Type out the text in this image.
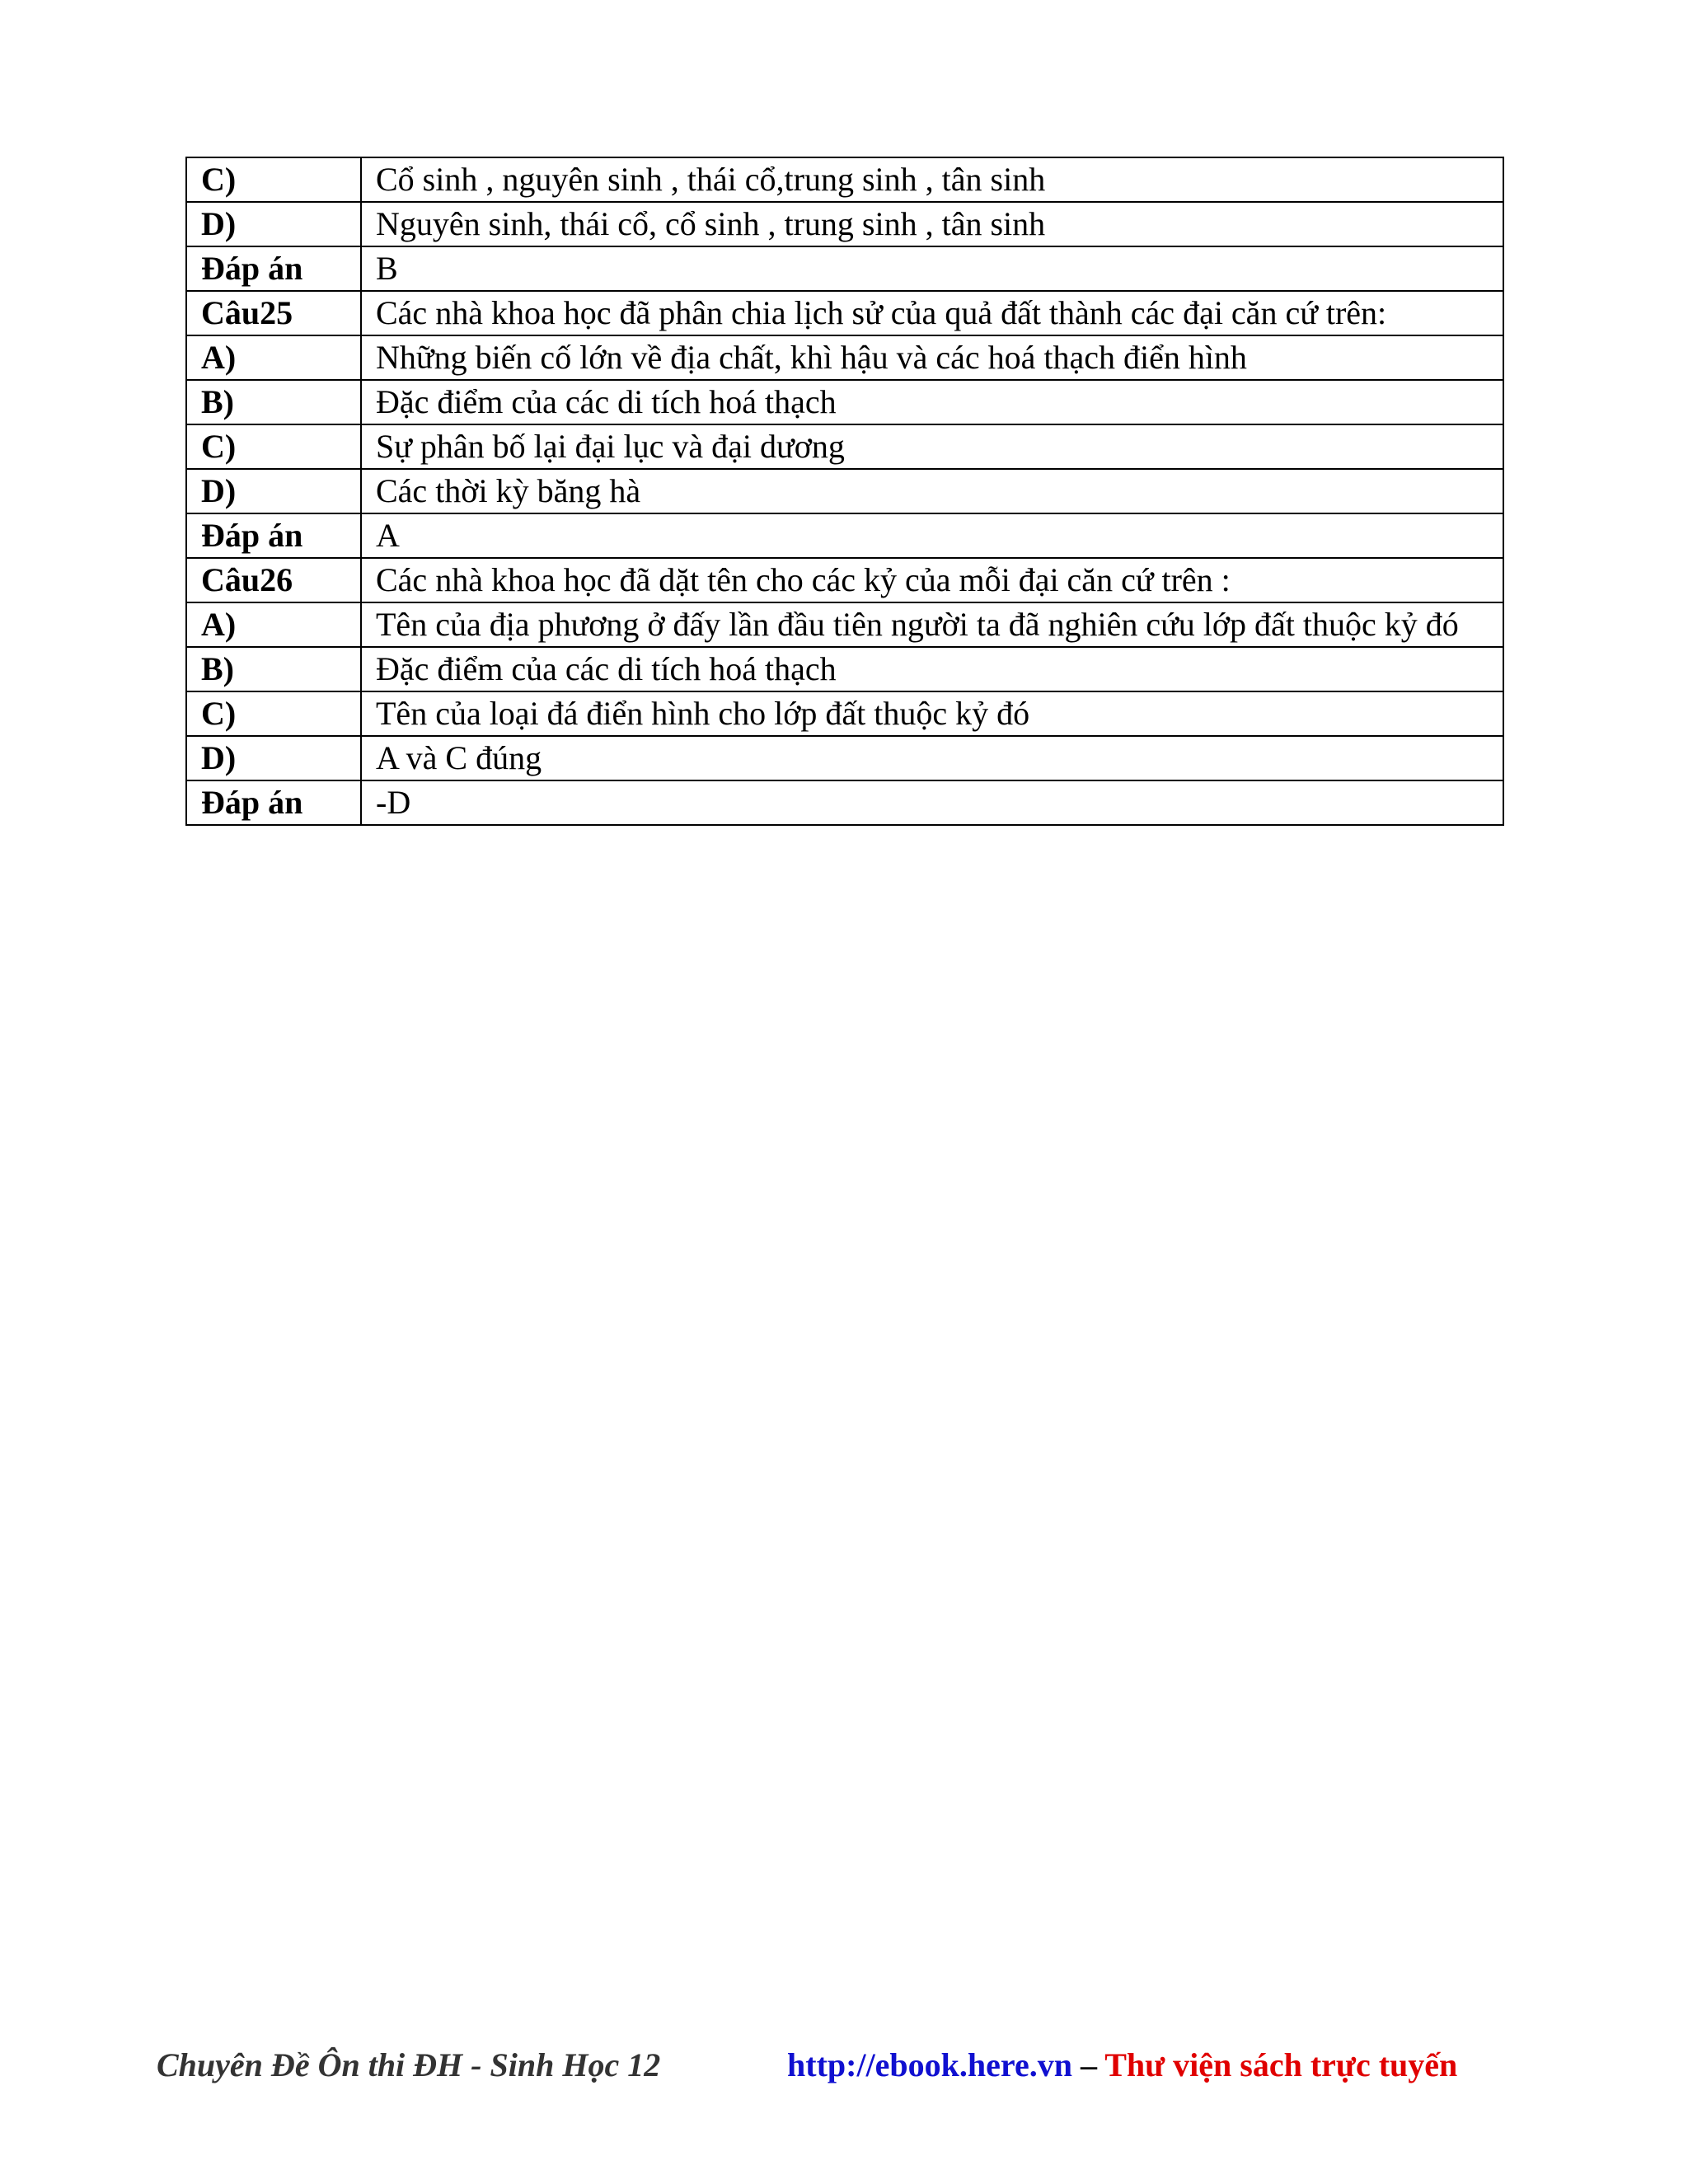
C)	Cổ sinh , nguyên sinh , thái cổ,trung sinh , tân sinh
D)	Nguyên sinh, thái cổ, cổ sinh , trung sinh , tân sinh
Đáp án	B
Câu25	Các nhà khoa học đã phân chia lịch sử của quả đất thành các đại căn cứ trên:
A)	Những biến cố lớn về địa chất, khì hậu và các hoá thạch điển hình
B)	Đặc điểm của các di tích hoá thạch
C)	Sự phân bố lại đại lục và đại dương
D)	Các thời kỳ băng hà
Đáp án	A
Câu26	Các nhà khoa học đã dặt tên cho các kỷ của mỗi đại căn cứ trên :
A)	Tên của địa phương ở đấy lần đầu tiên người ta đã nghiên cứu lớp đất thuộc kỷ đó
B)	Đặc điểm của các di tích hoá thạch
C)	Tên của loại đá điển hình cho lớp đất thuộc kỷ đó
D)	A và C đúng
Đáp án	-D
Chuyên Đề Ôn thi ĐH - Sinh Học 12	http://ebook.here.vn – Thư viện sách trực tuyến
